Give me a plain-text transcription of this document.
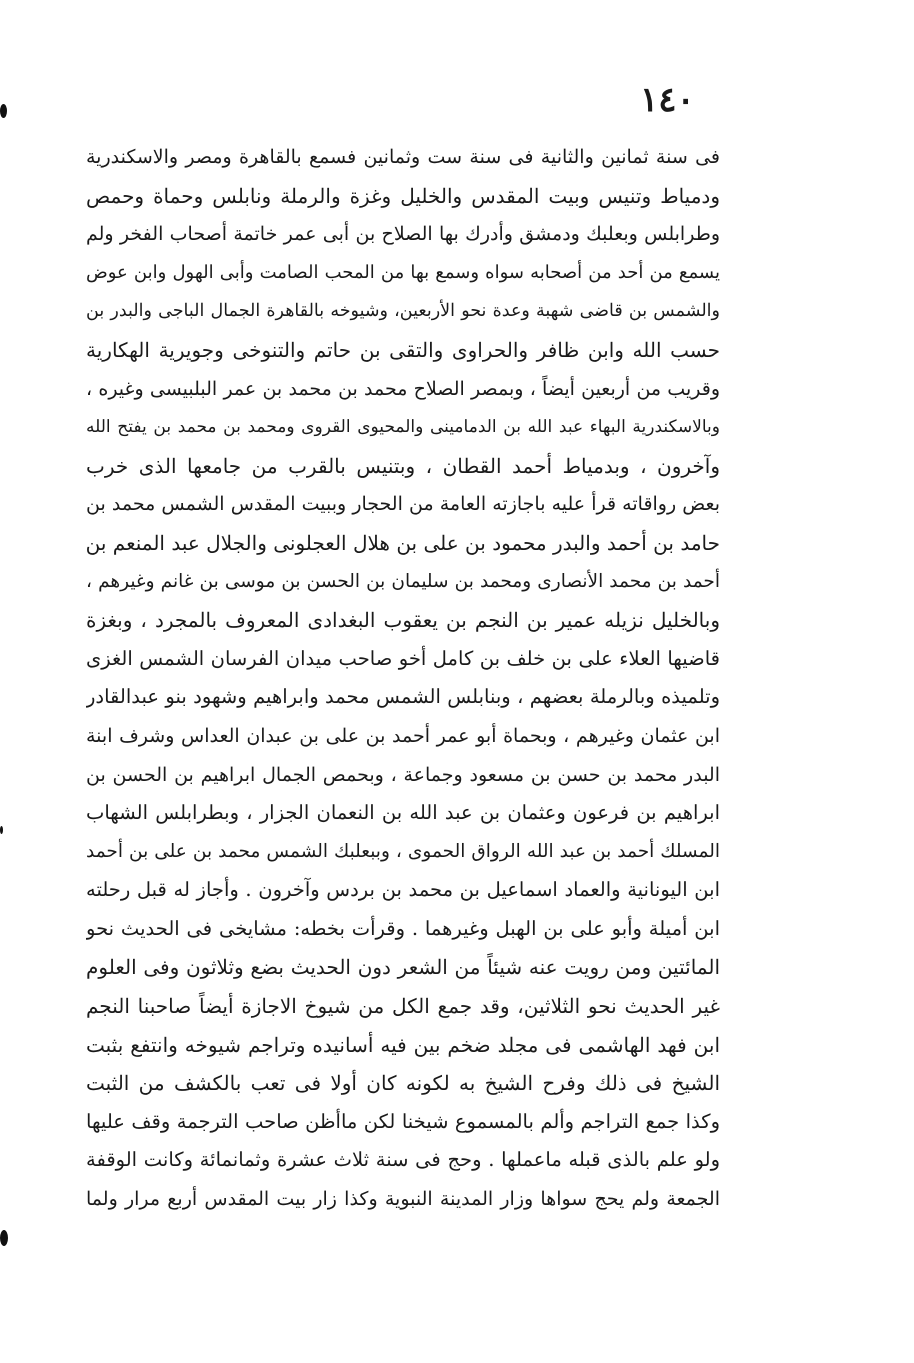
١٤٠
فى سنة ثمانين والثانية فى سنة ست وثمانين فسمع بالقاهرة ومصر والاسكندرية
ودمياط وتنيس وبيت المقدس والخليل وغزة والرملة ونابلس وحماة وحمص
وطرابلس وبعلبك ودمشق وأدرك بها الصلاح بن أبى عمر خاتمة أصحاب الفخر ولم
يسمع من أحد من أصحابه سواه وسمع بها من المحب الصامت وأبى الهول وابن عوض
والشمس بن قاضى شهبة وعدة نحو الأربعين، وشيوخه بالقاهرة الجمال الباجى والبدر بن
حسب الله وابن ظافر والحراوى والتقى بن حاتم والتنوخى وجويرية الهكارية
وقريب من أربعين أيضاً ، وبمصر الصلاح محمد بن محمد بن عمر البلبيسى وغيره ،
وبالاسكندرية البهاء عبد الله بن الدمامينى والمحيوى القروى ومحمد بن محمد بن يفتح الله
وآخرون ، وبدمياط أحمد القطان ، وبتنيس بالقرب من جامعها الذى خرب
بعض رواقاته قرأ عليه باجازته العامة من الحجار وببيت المقدس الشمس محمد بن
حامد بن أحمد والبدر محمود بن على بن هلال العجلونى والجلال عبد المنعم بن
أحمد بن محمد الأنصارى ومحمد بن سليمان بن الحسن بن موسى بن غانم وغيرهم ،
وبالخليل نزيله عمير بن النجم بن يعقوب البغدادى المعروف بالمجرد ، وبغزة
قاضيها العلاء على بن خلف بن كامل أخو صاحب ميدان الفرسان الشمس الغزى
وتلميذه وبالرملة بعضهم ، وبنابلس الشمس محمد وابراهيم وشهود بنو عبدالقادر
ابن عثمان وغيرهم ، وبحماة أبو عمر أحمد بن على بن عبدان العداس وشرف ابنة
البدر محمد بن حسن بن مسعود وجماعة ، وبحمص الجمال ابراهيم بن الحسن بن
ابراهيم بن فرعون وعثمان بن عبد الله بن النعمان الجزار ، وبطرابلس الشهاب
المسلك أحمد بن عبد الله الرواق الحموى ، وببعلبك الشمس محمد بن على بن أحمد
ابن اليونانية والعماد اسماعيل بن محمد بن بردس وآخرون . وأجاز له قبل رحلته
ابن أميلة وأبو على بن الهبل وغيرهما . وقرأت بخطه: مشايخى فى الحديث نحو
المائتين ومن رويت عنه شيئاً من الشعر دون الحديث بضع وثلاثون وفى العلوم
غير الحديث نحو الثلاثين، وقد جمع الكل من شيوخ الاجازة أيضاً صاحبنا النجم
ابن فهد الهاشمى فى مجلد ضخم بين فيه أسانيده وتراجم شيوخه وانتفع بثبت
الشيخ فى ذلك وفرح الشيخ به لكونه كان أولا فى تعب بالكشف من الثبت
وكذا جمع التراجم وألم بالمسموع شيخنا لكن ماأظن صاحب الترجمة وقف عليها
ولو علم بالذى قبله ماعملها . وحج فى سنة ثلاث عشرة وثمانمائة وكانت الوقفة
الجمعة ولم يحج سواها وزار المدينة النبوية وكذا زار بيت المقدس أربع مرار ولما
